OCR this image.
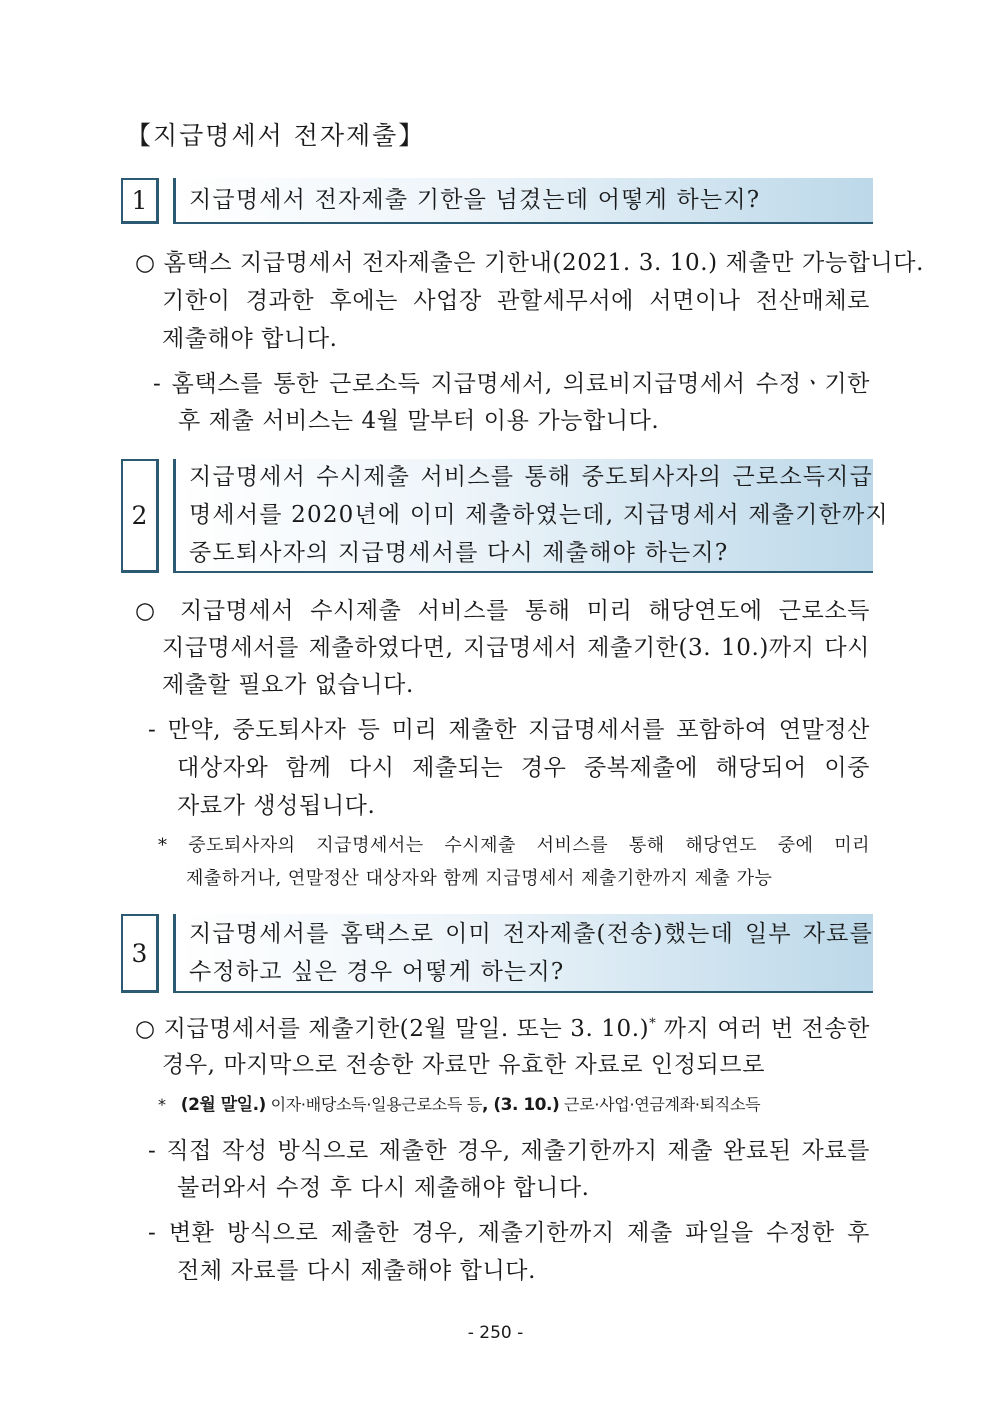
【지급명세서 전자제출】
1	지급명세서 전자제출 기한을 넘겼는데 어떻게 하는지?
○ 홈택스 지급명세서 전자제출은 기한내(2021. 3. 10.) 제출만 가능합니다.
기한이 경과한 후에는 사업장 관할세무서에 서면이나 전산매체로
제출해야 합니다.
- 홈택스를 통한 근로소득 지급명세서, 의료비지급명세서 수정ㆍ기한
후 제출 서비스는 4월 말부터 이용 가능합니다.
2
지급명세서 수시제출 서비스를 통해 중도퇴사자의 근로소득지급
명세서를 2020년에 이미 제출하였는데, 지급명세서 제출기한까지
중도퇴사자의 지급명세서를 다시 제출해야 하는지?
○ 지급명세서 수시제출 서비스를 통해 미리 해당연도에 근로소득
지급명세서를 제출하였다면, 지급명세서 제출기한(3. 10.)까지 다시
제출할 필요가 없습니다.
- 만약, 중도퇴사자 등 미리 제출한 지급명세서를 포함하여 연말정산
대상자와 함께 다시 제출되는 경우 중복제출에 해당되어 이중
자료가 생성됩니다.
* 중도퇴사자의 지급명세서는 수시제출 서비스를 통해 해당연도 중에 미리
제출하거나, 연말정산 대상자와 함께 지급명세서 제출기한까지 제출 가능
3
지급명세서를 홈택스로 이미 전자제출(전송)했는데 일부 자료를
수정하고 싶은 경우 어떻게 하는지?
○ 지급명세서를 제출기한(2월 말일. 또는 3. 10.)* 까지 여러 번 전송한
경우, 마지막으로 전송한 자료만 유효한 자료로 인정되므로
* (2월 말일.) 이자·배당소득·일용근로소득 등, (3. 10.) 근로·사업·연금계좌·퇴직소득
- 직접 작성 방식으로 제출한 경우, 제출기한까지 제출 완료된 자료를
불러와서 수정 후 다시 제출해야 합니다.
- 변환 방식으로 제출한 경우, 제출기한까지 제출 파일을 수정한 후
전체 자료를 다시 제출해야 합니다.
- 250 -
